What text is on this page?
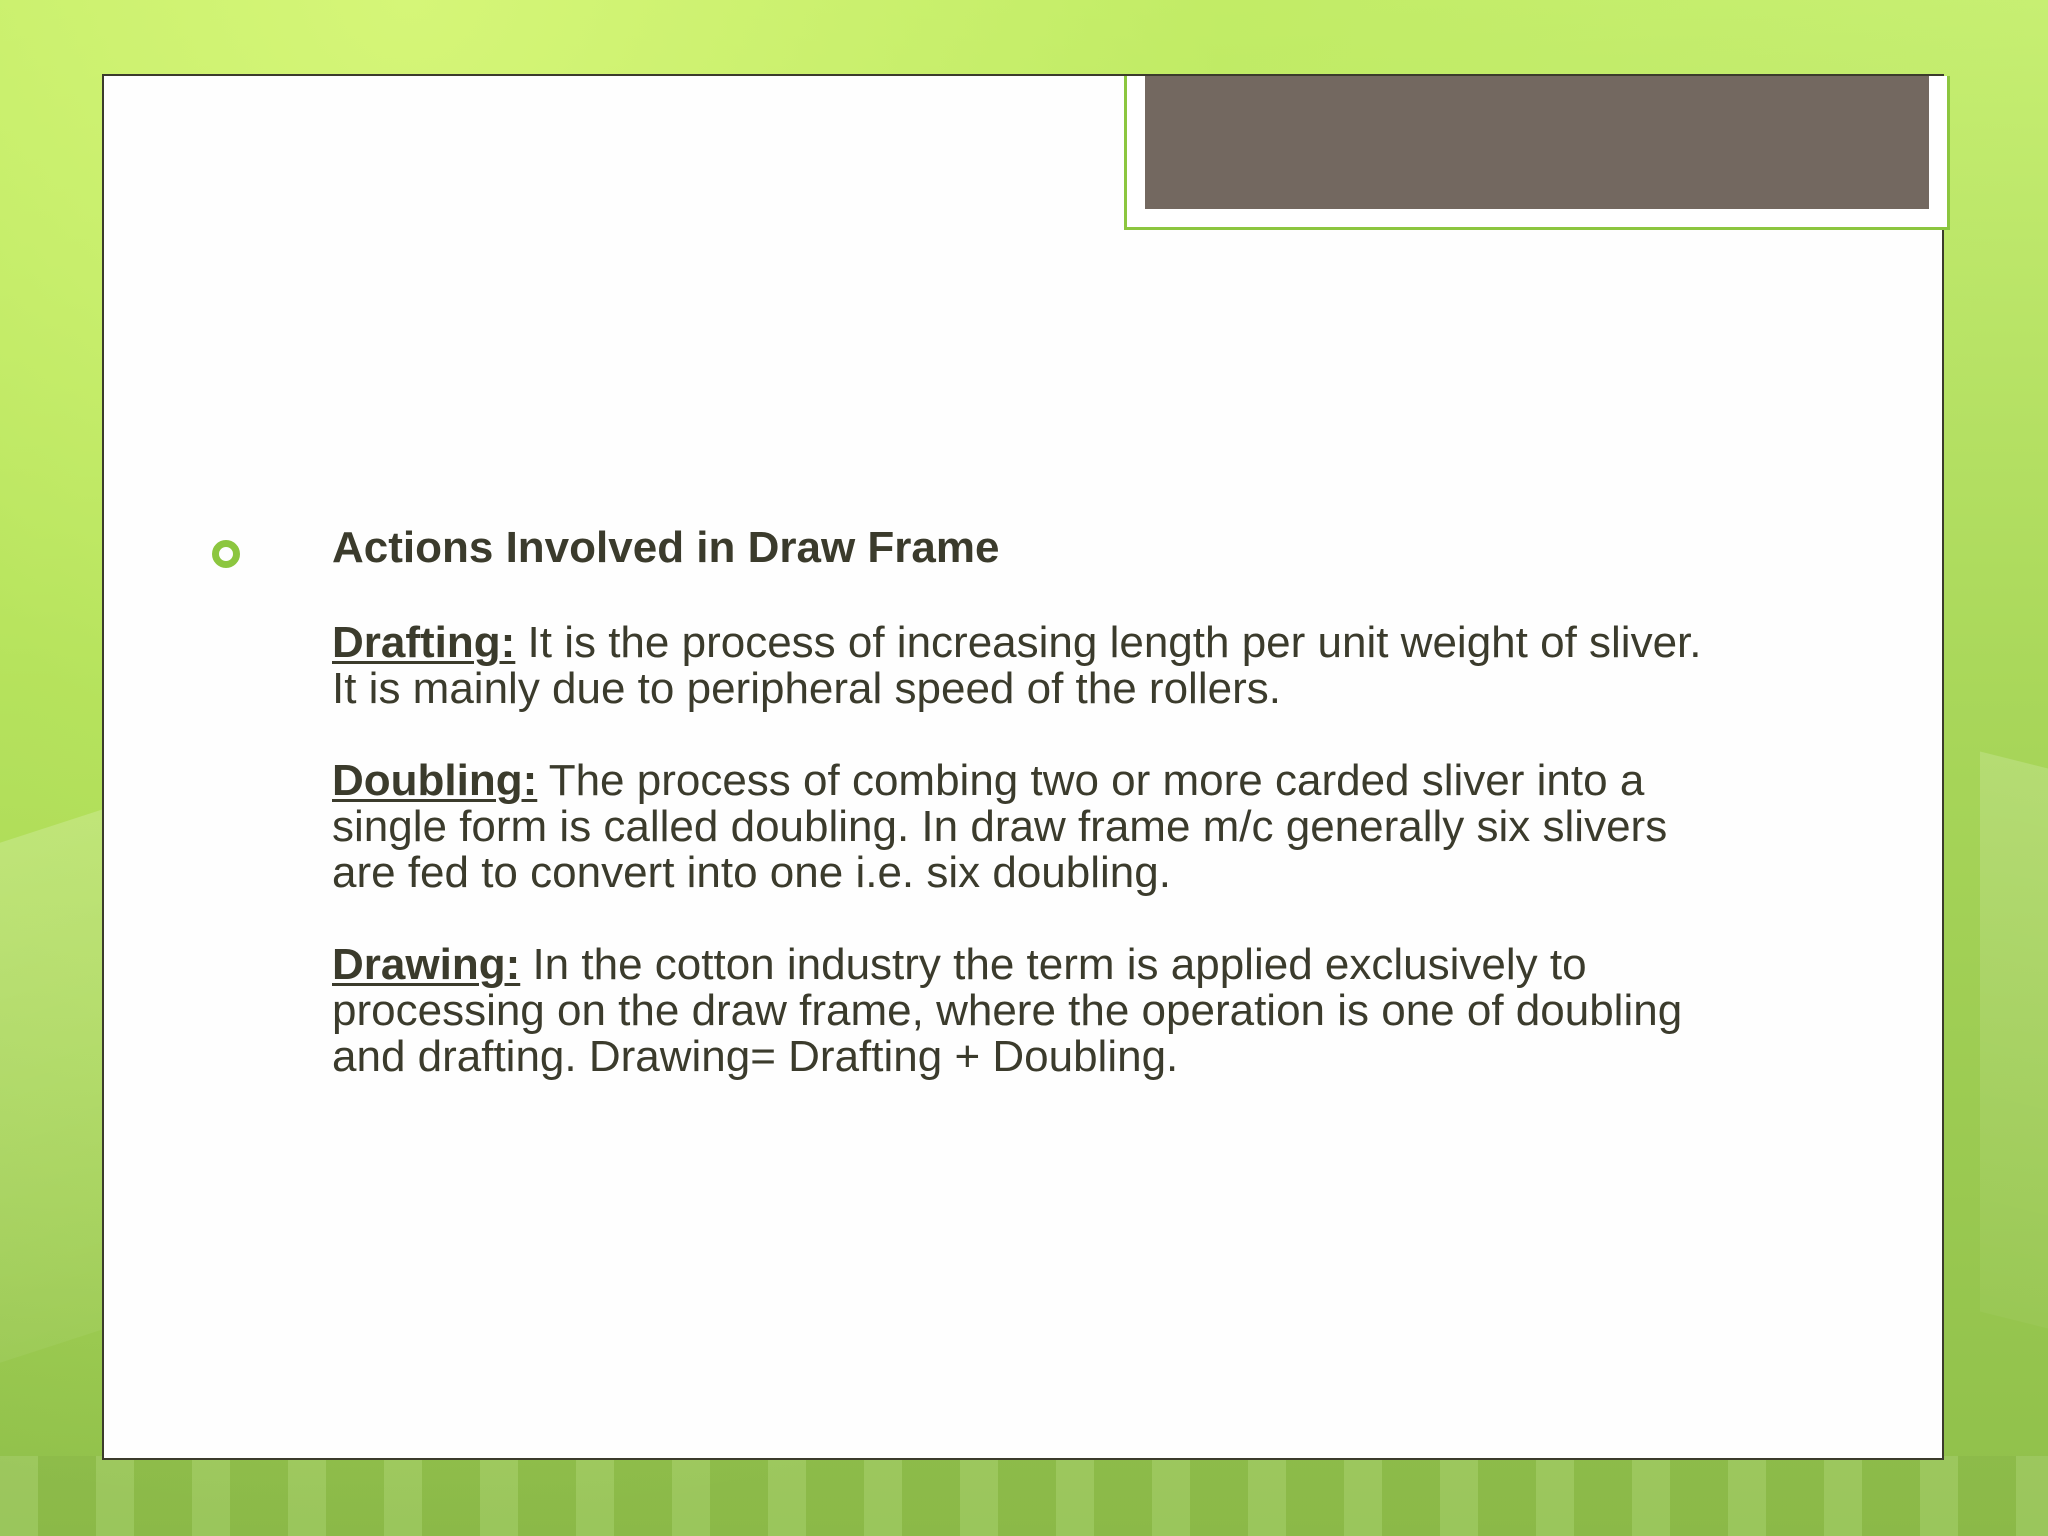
Actions Involved in Draw Frame
Drafting: It is the process of increasing length per unit weight of sliver. It is mainly due to peripheral speed of the rollers.
Doubling: The process of combing two or more carded sliver into a single form is called doubling. In draw frame m/c generally six slivers are fed to convert into one i.e. six doubling.
Drawing: In the cotton industry the term is applied exclusively to processing on the draw frame, where the operation is one of doubling and drafting. Drawing= Drafting + Doubling.
